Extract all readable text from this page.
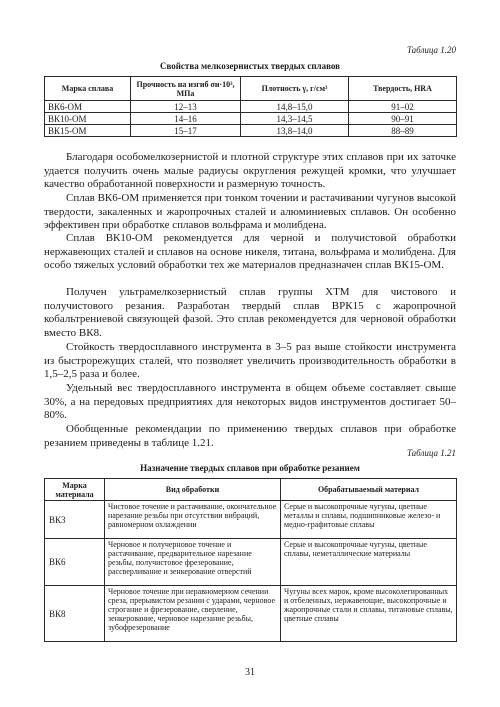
Таблица 1.20
Свойства мелкозернистых твердых сплавов
Марка сплава	Прочность на изгиб σи·10³, МПа	Плотность γ, г/см³	Твердость, HRA
ВК6-ОМ	12–13	14,8–15,0	91–02
ВК10-ОМ	14–16	14,3–14,5	90–91
ВК15-ОМ	15–17	13,8–14,0	88–89

Благодаря особомелкозернистой и плотной структуре этих сплавов при их заточке удается получить очень малые радиусы округления режущей кромки, что улучшает качество обработанной поверхности и размерную точность.

Сплав ВК6-ОМ применяется при тонком точении и растачивании чугунов высокой твердости, закаленных и жаропрочных сталей и алюминиевых сплавов. Он особенно эффективен при обработке сплавов вольфрама и молибдена.

Сплав ВК10-ОМ рекомендуется для черной и получистовой обработки нержавеющих сталей и сплавов на основе никеля, титана, вольфрама и молибдена. Для особо тяжелых условий обработки тех же материалов предназначен сплав ВК15-ОМ.

Получен ультрамелкозернистый сплав группы ХТМ для чистового и получистового резания. Разработан твердый сплав ВРК15 с жаропрочной кобальтрениевой связующей фазой. Это сплав рекомендуется для черновой обработки вместо ВК8.

Стойкость твердосплавного инструмента в 3–5 раз выше стойкости инструмента из быстрорежущих сталей, что позволяет увеличить производительность обработки в 1,5–2,5 раза и более.

Удельный вес твердосплавного инструмента в общем объеме составляет свыше 30%, а на передовых предприятиях для некоторых видов инструментов достигает 50–80%.

Обобщенные рекомендации по применению твердых сплавов при обработке резанием приведены в таблице 1.21.

Таблица 1.21
Назначение твердых сплавов при обработке резанием
Марка материала	Вид обработки	Обрабатываемый материал
ВК3	Чистовое точение и растачивание, окончательное нарезание резьбы при отсутствии вибраций, равномерном охлаждении	Серые и высокопрочные чугуны, цветные металлы и сплавы, подшипниковые железо- и медно-графитовые сплавы
ВК6	Черновое и получерновое точение и растачивание, предварительное нарезание резьбы, получистовое фрезерование, рассверливание и зенкерование отверстий	Серые и высокопрочные чугуны, цветные сплавы, неметаллические материалы
ВК8	Черновое точение при неравномерном сечении среза, прерывистом резании с ударами, черновое строгание и фрезерование, сверление, зенкерование, черновое нарезание резьбы, зубофрезерование	Чугуны всех марок, кроме высоколегированных и отбеленных, нержавеющие, высокопрочные и жаропрочные стали и сплавы, титановые сплавы, цветные сплавы
31
